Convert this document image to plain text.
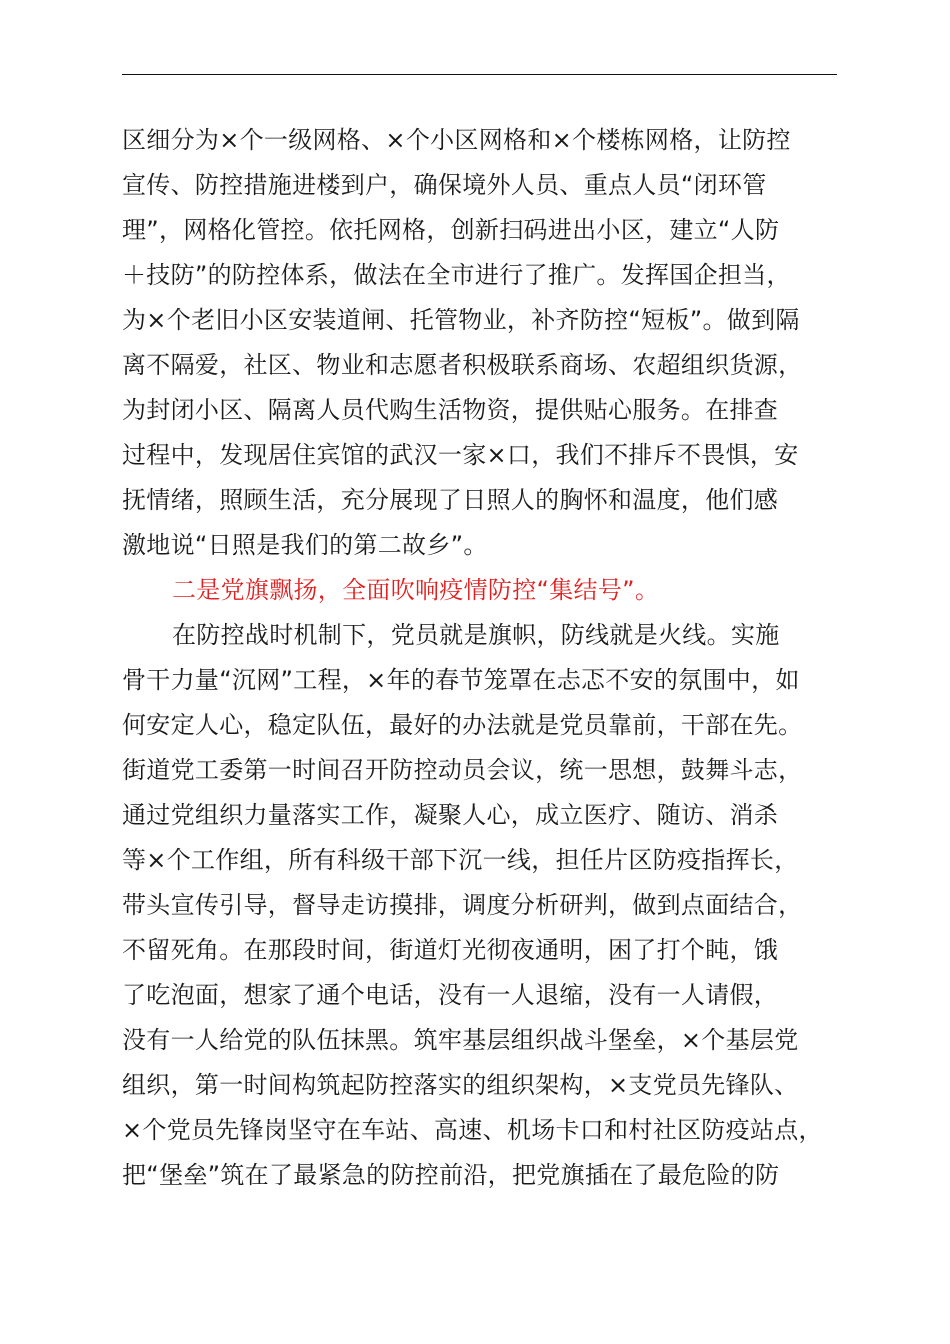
区细分为×个一级网格、×个小区网格和×个楼栋网格，让防控
宣传、防控措施进楼到户，确保境外人员、重点人员“闭环管
理”，网格化管控。依托网格，创新扫码进出小区，建立“人防
＋技防”的防控体系，做法在全市进行了推广。发挥国企担当，
为×个老旧小区安装道闸、托管物业，补齐防控“短板”。做到隔
离不隔爱，社区、物业和志愿者积极联系商场、农超组织货源，
为封闭小区、隔离人员代购生活物资，提供贴心服务。在排查
过程中，发现居住宾馆的武汉一家×口，我们不排斥不畏惧，安
抚情绪，照顾生活，充分展现了日照人的胸怀和温度，他们感
激地说“日照是我们的第二故乡”。
二是党旗飘扬，全面吹响疫情防控“集结号”。
在防控战时机制下，党员就是旗帜，防线就是火线。实施
骨干力量“沉网”工程，×年的春节笼罩在忐忑不安的氛围中，如
何安定人心，稳定队伍，最好的办法就是党员靠前，干部在先。
街道党工委第一时间召开防控动员会议，统一思想，鼓舞斗志，
通过党组织力量落实工作，凝聚人心，成立医疗、随访、消杀
等×个工作组，所有科级干部下沉一线，担任片区防疫指挥长，
带头宣传引导，督导走访摸排，调度分析研判，做到点面结合，
不留死角。在那段时间，街道灯光彻夜通明，困了打个盹，饿
了吃泡面，想家了通个电话，没有一人退缩，没有一人请假，
没有一人给党的队伍抹黑。筑牢基层组织战斗堡垒，×个基层党
组织，第一时间构筑起防控落实的组织架构，×支党员先锋队、
×个党员先锋岗坚守在车站、高速、机场卡口和村社区防疫站点，
把“堡垒”筑在了最紧急的防控前沿，把党旗插在了最危险的防
